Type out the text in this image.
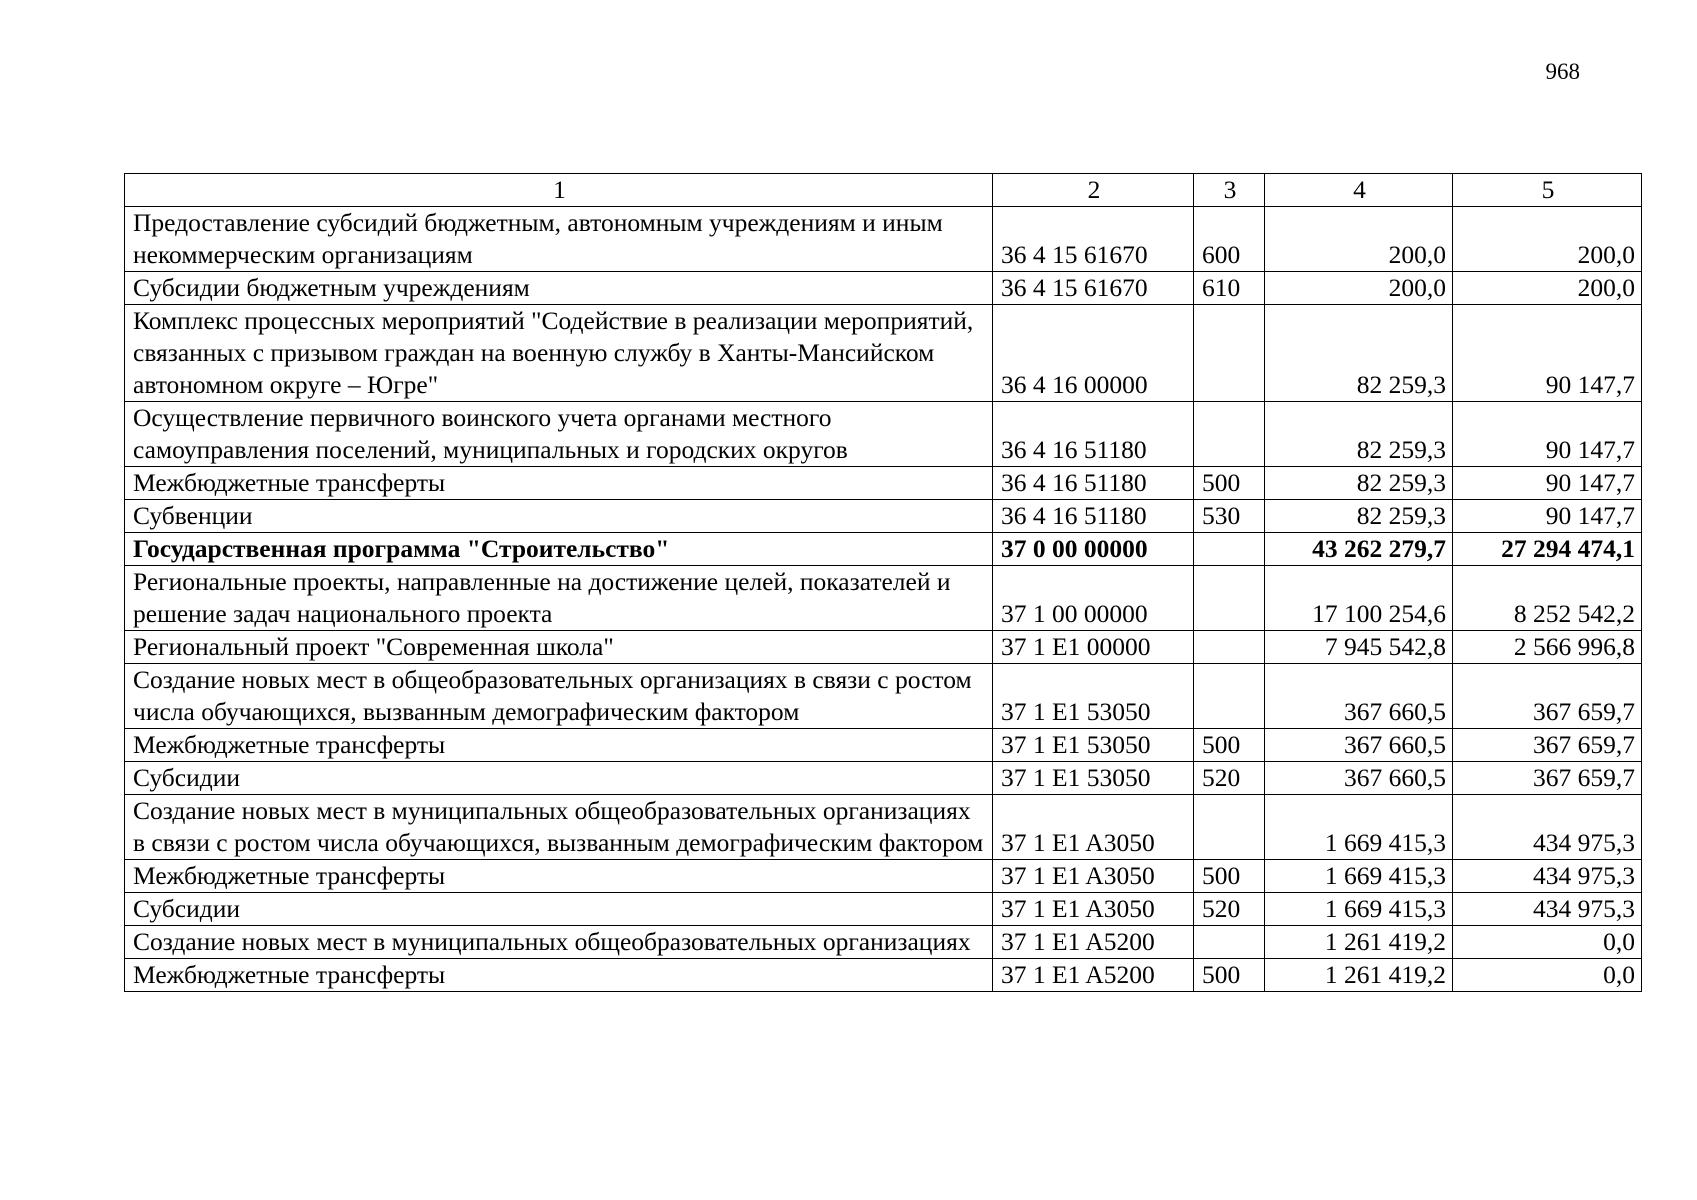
968
1	2	3	4	5
Предоставление субсидий бюджетным, автономным учреждениям и иным некоммерческим организациям	36 4 15 61670	600	200,0	200,0
Субсидии бюджетным учреждениям	36 4 15 61670	610	200,0	200,0
Комплекс процессных мероприятий "Содействие в реализации мероприятий, связанных с призывом граждан на военную службу в Ханты-Мансийском автономном округе – Югре"	36 4 16 00000		82 259,3	90 147,7
Осуществление первичного воинского учета органами местного самоуправления поселений, муниципальных и городских округов	36 4 16 51180		82 259,3	90 147,7
Межбюджетные трансферты	36 4 16 51180	500	82 259,3	90 147,7
Субвенции	36 4 16 51180	530	82 259,3	90 147,7
Государственная программа "Строительство"	37 0 00 00000		43 262 279,7	27 294 474,1
Региональные проекты, направленные на достижение целей, показателей и решение задач национального проекта	37 1 00 00000		17 100 254,6	8 252 542,2
Региональный проект "Современная школа"	37 1 E1 00000		7 945 542,8	2 566 996,8
Создание новых мест в общеобразовательных организациях в связи с ростом числа обучающихся, вызванным демографическим фактором	37 1 E1 53050		367 660,5	367 659,7
Межбюджетные трансферты	37 1 E1 53050	500	367 660,5	367 659,7
Субсидии	37 1 E1 53050	520	367 660,5	367 659,7
Создание новых мест в муниципальных общеобразовательных организациях в связи с ростом числа обучающихся, вызванным демографическим фактором	37 1 E1 A3050		1 669 415,3	434 975,3
Межбюджетные трансферты	37 1 E1 A3050	500	1 669 415,3	434 975,3
Субсидии	37 1 E1 A3050	520	1 669 415,3	434 975,3
Создание новых мест в муниципальных общеобразовательных организациях	37 1 E1 A5200		1 261 419,2	0,0
Межбюджетные трансферты	37 1 E1 A5200	500	1 261 419,2	0,0
